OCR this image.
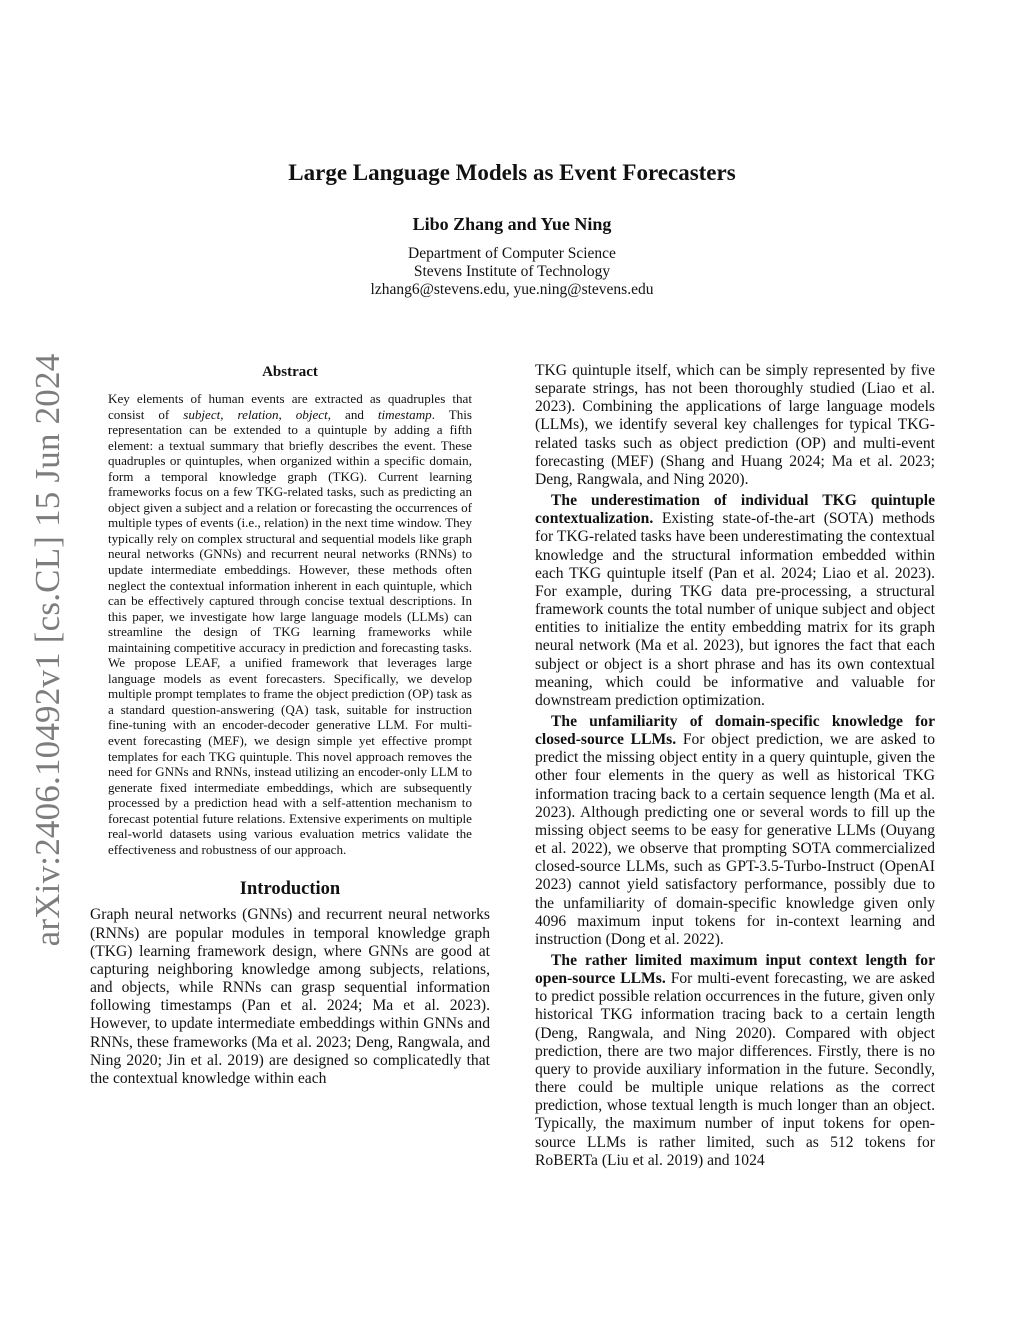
arXiv:2406.10492v1 [cs.CL] 15 Jun 2024
Large Language Models as Event Forecasters
Libo Zhang and Yue Ning
Department of Computer Science
Stevens Institute of Technology
lzhang6@stevens.edu, yue.ning@stevens.edu
Abstract

Key elements of human events are extracted as quadruples that consist of subject, relation, object, and timestamp. This representation can be extended to a quintuple by adding a fifth element: a textual summary that briefly describes the event. These quadruples or quintuples, when organized within a specific domain, form a temporal knowledge graph (TKG). Current learning frameworks focus on a few TKG-related tasks, such as predicting an object given a subject and a relation or forecasting the occurrences of multiple types of events (i.e., relation) in the next time window. They typically rely on complex structural and sequential models like graph neural networks (GNNs) and recurrent neural networks (RNNs) to update intermediate embeddings. However, these methods often neglect the contextual information inherent in each quintuple, which can be effectively captured through concise textual descriptions. In this paper, we investigate how large language models (LLMs) can streamline the design of TKG learning frameworks while maintaining competitive accuracy in prediction and forecasting tasks. We propose LEAF, a unified framework that leverages large language models as event forecasters. Specifically, we develop multiple prompt templates to frame the object prediction (OP) task as a standard question-answering (QA) task, suitable for instruction fine-tuning with an encoder-decoder generative LLM. For multi-event forecasting (MEF), we design simple yet effective prompt templates for each TKG quintuple. This novel approach removes the need for GNNs and RNNs, instead utilizing an encoder-only LLM to generate fixed intermediate embeddings, which are subsequently processed by a prediction head with a self-attention mechanism to forecast potential future relations. Extensive experiments on multiple real-world datasets using various evaluation metrics validate the effectiveness and robustness of our approach.

Introduction

Graph neural networks (GNNs) and recurrent neural networks (RNNs) are popular modules in temporal knowledge graph (TKG) learning framework design, where GNNs are good at capturing neighboring knowledge among subjects, relations, and objects, while RNNs can grasp sequential information following timestamps (Pan et al. 2024; Ma et al. 2023). However, to update intermediate embeddings within GNNs and RNNs, these frameworks (Ma et al. 2023; Deng, Rangwala, and Ning 2020; Jin et al. 2019) are designed so complicatedly that the contextual knowledge within each

TKG quintuple itself, which can be simply represented by five separate strings, has not been thoroughly studied (Liao et al. 2023). Combining the applications of large language models (LLMs), we identify several key challenges for typical TKG-related tasks such as object prediction (OP) and multi-event forecasting (MEF) (Shang and Huang 2024; Ma et al. 2023; Deng, Rangwala, and Ning 2020).

The underestimation of individual TKG quintuple contextualization. Existing state-of-the-art (SOTA) methods for TKG-related tasks have been underestimating the contextual knowledge and the structural information embedded within each TKG quintuple itself (Pan et al. 2024; Liao et al. 2023). For example, during TKG data pre-processing, a structural framework counts the total number of unique subject and object entities to initialize the entity embedding matrix for its graph neural network (Ma et al. 2023), but ignores the fact that each subject or object is a short phrase and has its own contextual meaning, which could be informative and valuable for downstream prediction optimization.

The unfamiliarity of domain-specific knowledge for closed-source LLMs. For object prediction, we are asked to predict the missing object entity in a query quintuple, given the other four elements in the query as well as historical TKG information tracing back to a certain sequence length (Ma et al. 2023). Although predicting one or several words to fill up the missing object seems to be easy for generative LLMs (Ouyang et al. 2022), we observe that prompting SOTA commercialized closed-source LLMs, such as GPT-3.5-Turbo-Instruct (OpenAI 2023) cannot yield satisfactory performance, possibly due to the unfamiliarity of domain-specific knowledge given only 4096 maximum input tokens for in-context learning and instruction (Dong et al. 2022).

The rather limited maximum input context length for open-source LLMs. For multi-event forecasting, we are asked to predict possible relation occurrences in the future, given only historical TKG information tracing back to a certain length (Deng, Rangwala, and Ning 2020). Compared with object prediction, there are two major differences. Firstly, there is no query to provide auxiliary information in the future. Secondly, there could be multiple unique relations as the correct prediction, whose textual length is much longer than an object. Typically, the maximum number of input tokens for open-source LLMs is rather limited, such as 512 tokens for RoBERTa (Liu et al. 2019) and 1024
